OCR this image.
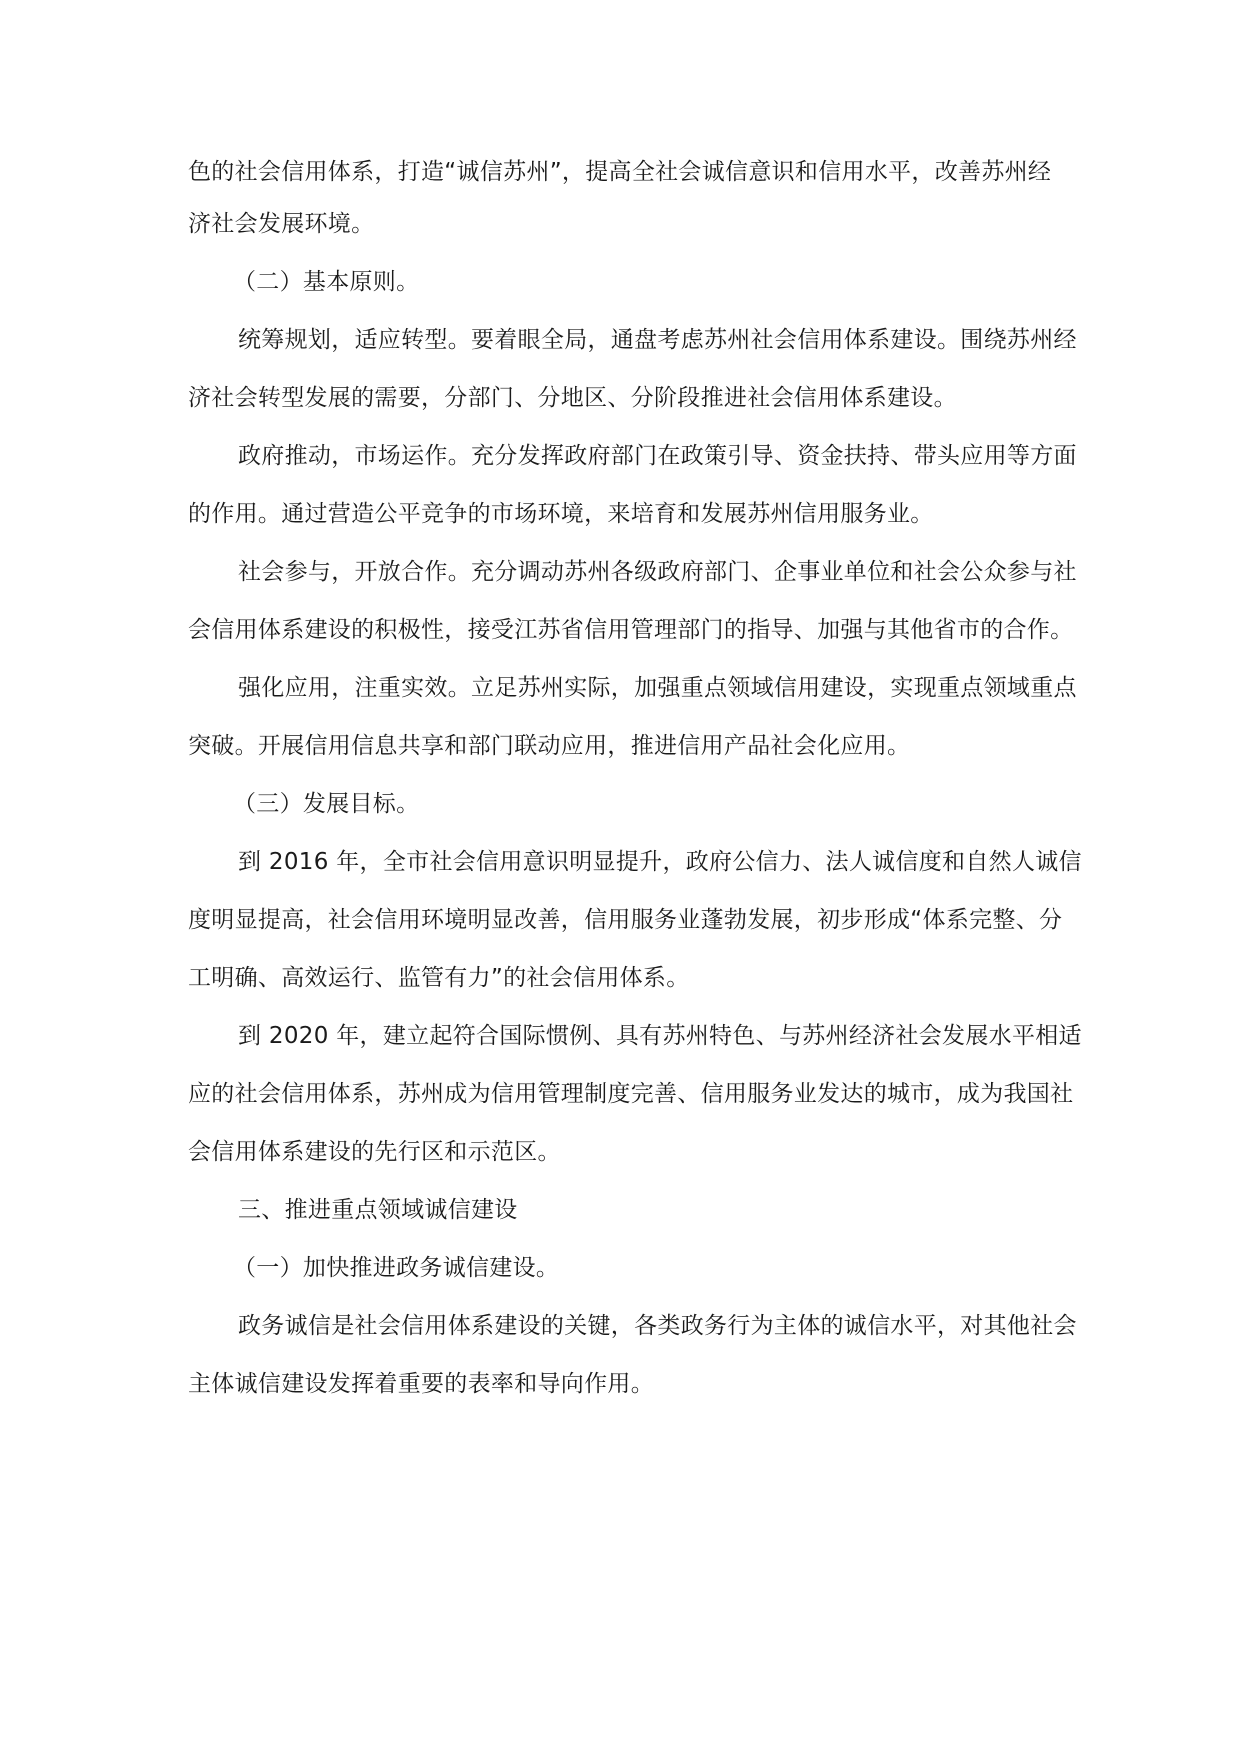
色的社会信用体系，打造“诚信苏州”，提高全社会诚信意识和信用水平，改善苏州经
济社会发展环境。
（二）基本原则。
统筹规划，适应转型。要着眼全局，通盘考虑苏州社会信用体系建设。围绕苏州经
济社会转型发展的需要，分部门、分地区、分阶段推进社会信用体系建设。
政府推动，市场运作。充分发挥政府部门在政策引导、资金扶持、带头应用等方面
的作用。通过营造公平竞争的市场环境，来培育和发展苏州信用服务业。
社会参与，开放合作。充分调动苏州各级政府部门、企事业单位和社会公众参与社
会信用体系建设的积极性，接受江苏省信用管理部门的指导、加强与其他省市的合作。
强化应用，注重实效。立足苏州实际，加强重点领域信用建设，实现重点领域重点
突破。开展信用信息共享和部门联动应用，推进信用产品社会化应用。
（三）发展目标。
到 2016 年，全市社会信用意识明显提升，政府公信力、法人诚信度和自然人诚信
度明显提高，社会信用环境明显改善，信用服务业蓬勃发展，初步形成“体系完整、分
工明确、高效运行、监管有力”的社会信用体系。
到 2020 年，建立起符合国际惯例、具有苏州特色、与苏州经济社会发展水平相适
应的社会信用体系，苏州成为信用管理制度完善、信用服务业发达的城市，成为我国社
会信用体系建设的先行区和示范区。
三、推进重点领域诚信建设
（一）加快推进政务诚信建设。
政务诚信是社会信用体系建设的关键，各类政务行为主体的诚信水平，对其他社会
主体诚信建设发挥着重要的表率和导向作用。
